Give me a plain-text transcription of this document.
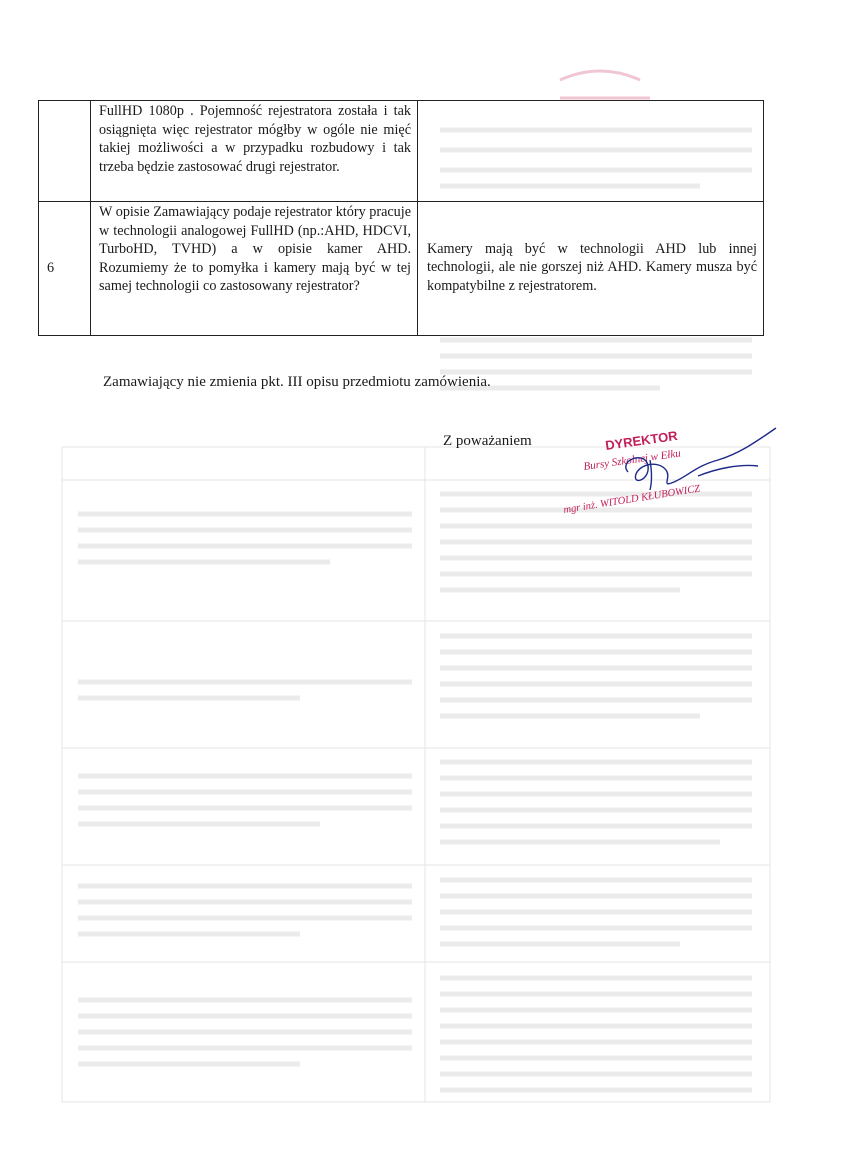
	FullHD 1080p . Pojemność rejestratora została i tak osiągnięta więc rejestrator mógłby w ogóle nie mięć takiej możliwości a w przypadku rozbudowy i tak trzeba będzie zastosować drugi rejestrator.	

6	W opisie Zamawiający podaje rejestrator który pracuje w technologii analogowej FullHD (np.:AHD, HDCVI, TurboHD, TVHD) a w opisie kamer AHD. Rozumiemy że to pomyłka i kamery mają być w tej samej technologii co zastosowany rejestrator?	Kamery mają być w technologii AHD lub innej technologii, ale nie gorszej niż AHD. Kamery musza być kompatybilne z rejestratorem.
Zamawiający nie zmienia pkt. III opisu przedmiotu zamówienia.
Z poważaniem	DYREKTOR
Bursy Szkolnej w Ełku
mgr inż. WITOLD KŁUBOWICZ
